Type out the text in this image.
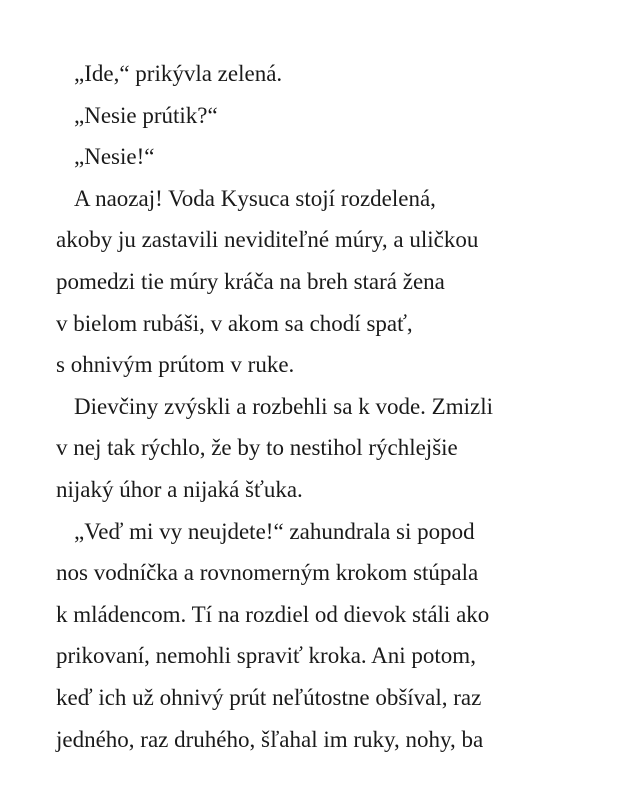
„Ide,“ prikývla zelená.
„Nesie prútik?“
„Nesie!“
A naozaj! Voda Kysuca stojí rozdelená,
akoby ju zastavili neviditeľné múry, a uličkou
pomedzi tie múry kráča na breh stará žena
v bielom rubáši, v akom sa chodí spať,
s ohnivým prútom v ruke.
Dievčiny zvýskli a rozbehli sa k vode. Zmizli
v nej tak rýchlo, že by to nestihol rýchlejšie
nijaký úhor a nijaká šťuka.
„Veď mi vy neujdete!“ zahundrala si popod
nos vodníčka a rovnomerným krokom stúpala
k mládencom. Tí na rozdiel od dievok stáli ako
prikovaní, nemohli spraviť kroka. Ani potom,
keď ich už ohnivý prút neľútostne obšíval, raz
jedného, raz druhého, šľahal im ruky, nohy, ba
